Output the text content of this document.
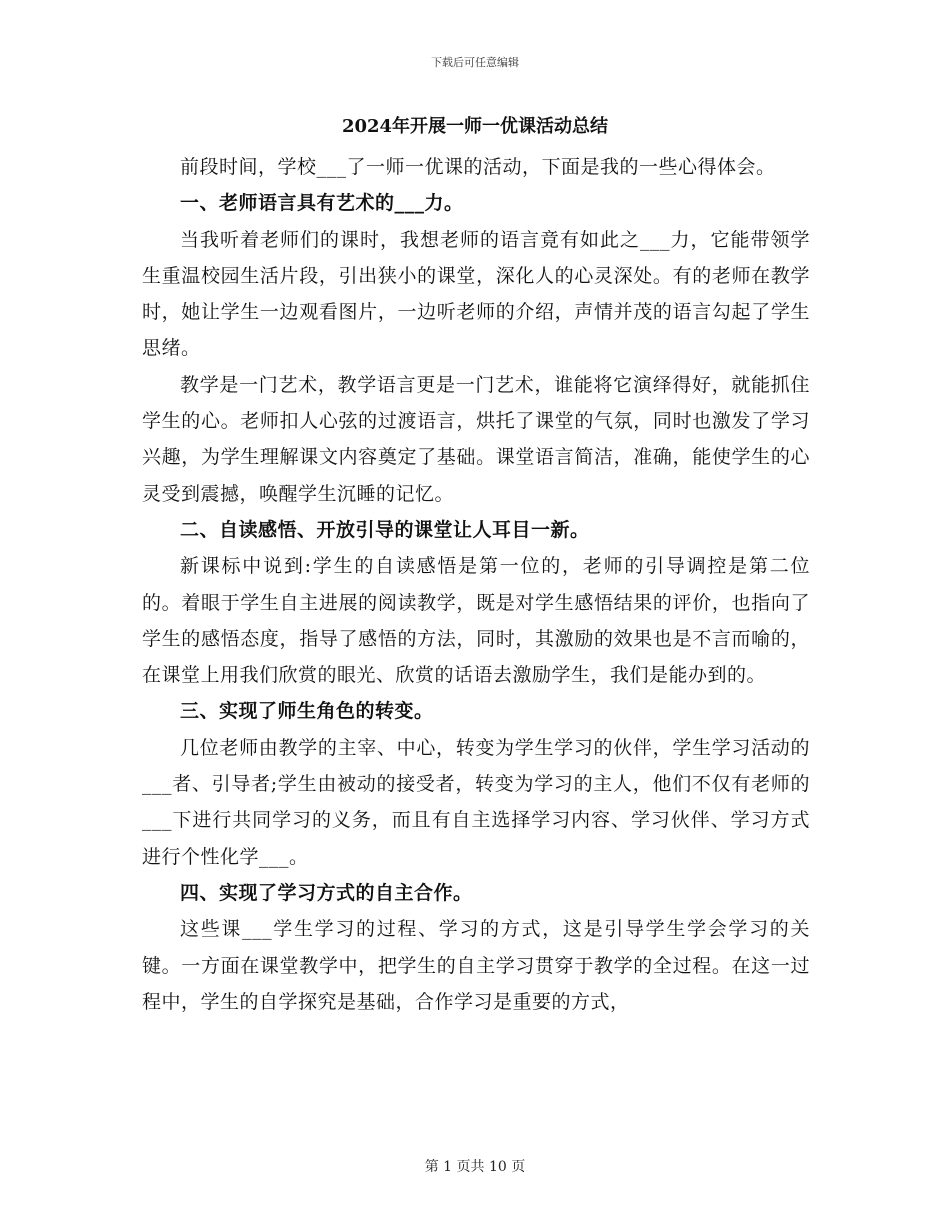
下载后可任意编辑
2024年开展一师一优课活动总结

前段时间，学校___了一师一优课的活动，下面是我的一些心得体会。

一、老师语言具有艺术的___力。

当我听着老师们的课时，我想老师的语言竟有如此之___力，它能带领学生重温校园生活片段，引出狭小的课堂，深化人的心灵深处。有的老师在教学时，她让学生一边观看图片，一边听老师的介绍，声情并茂的语言勾起了学生思绪。

教学是一门艺术，教学语言更是一门艺术，谁能将它演绎得好，就能抓住学生的心。老师扣人心弦的过渡语言，烘托了课堂的气氛，同时也激发了学习兴趣，为学生理解课文内容奠定了基础。课堂语言简洁，准确，能使学生的心灵受到震撼，唤醒学生沉睡的记忆。

二、自读感悟、开放引导的课堂让人耳目一新。

新课标中说到:学生的自读感悟是第一位的，老师的引导调控是第二位的。着眼于学生自主进展的阅读教学，既是对学生感悟结果的评价，也指向了学生的感悟态度，指导了感悟的方法，同时，其激励的效果也是不言而喻的，在课堂上用我们欣赏的眼光、欣赏的话语去激励学生，我们是能办到的。

三、实现了师生角色的转变。

几位老师由教学的主宰、中心，转变为学生学习的伙伴，学生学习活动的___者、引导者;学生由被动的接受者，转变为学习的主人，他们不仅有老师的___下进行共同学习的义务，而且有自主选择学习内容、学习伙伴、学习方式进行个性化学___。

四、实现了学习方式的自主合作。

这些课___学生学习的过程、学习的方式，这是引导学生学会学习的关键。一方面在课堂教学中，把学生的自主学习贯穿于教学的全过程。在这一过程中，学生的自学探究是基础，合作学习是重要的方式，

第 1 页共 10 页
